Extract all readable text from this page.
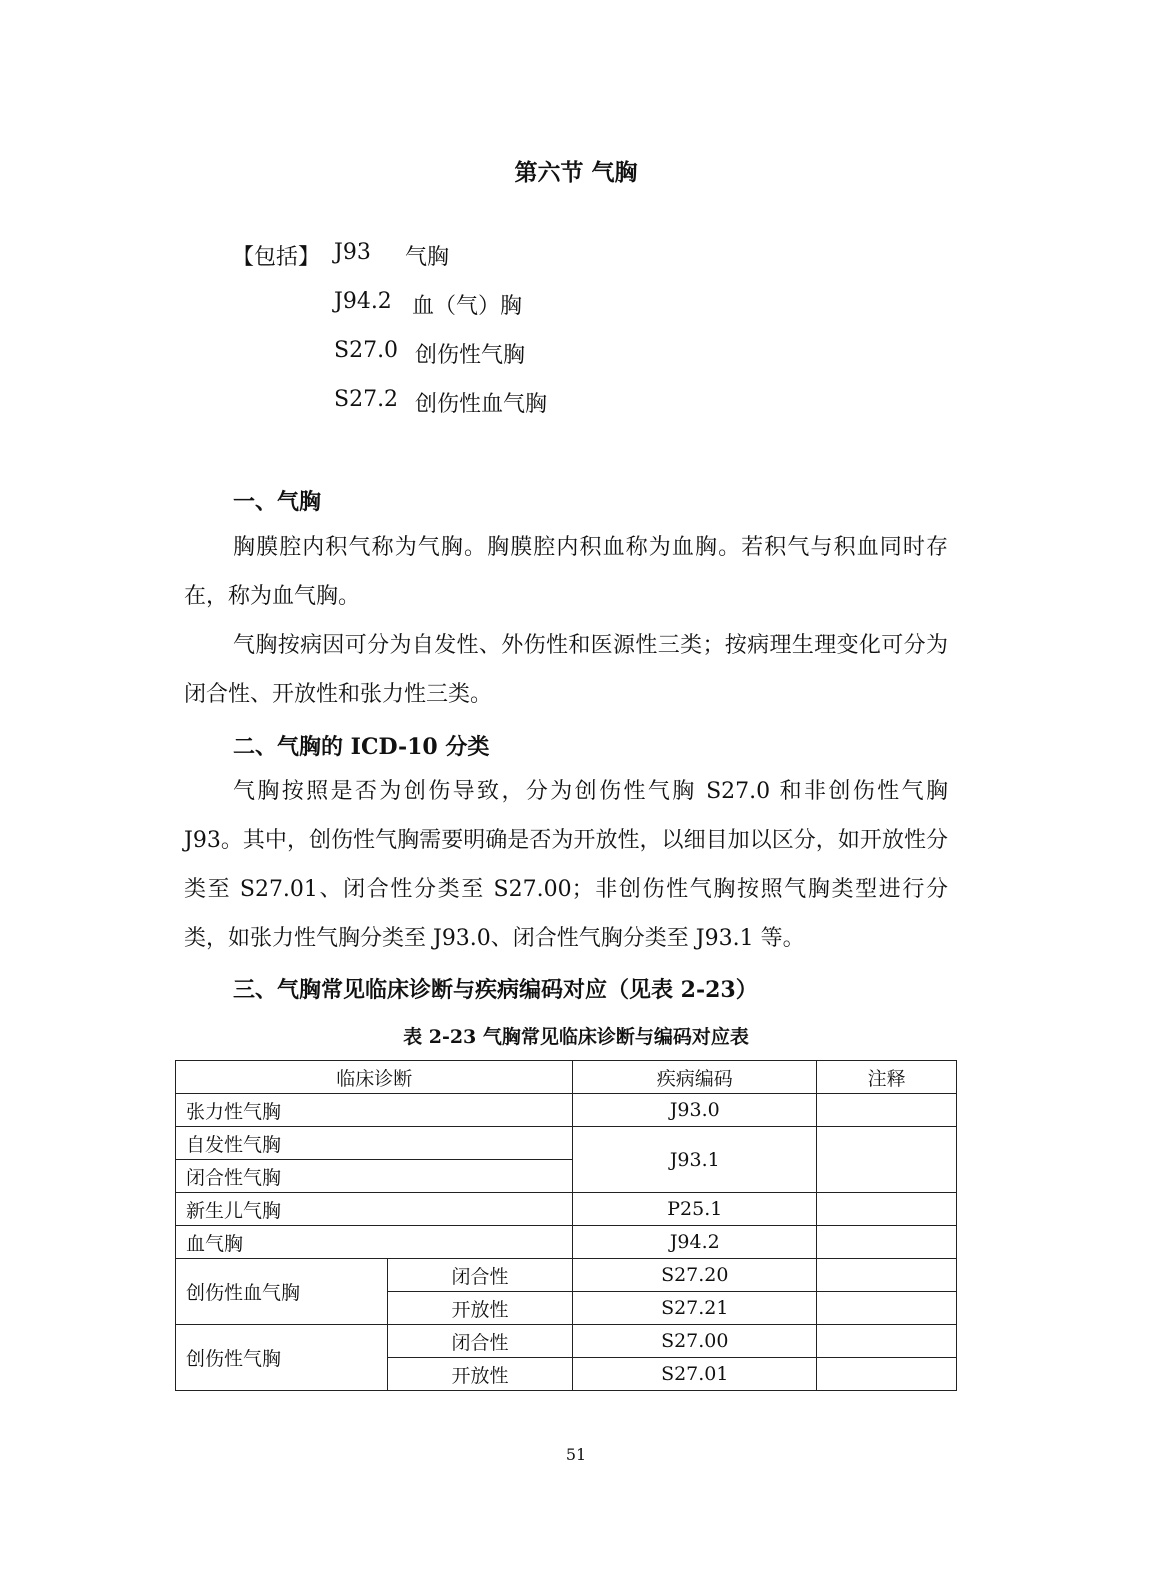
第六节 气胸
【包括】 J93 气胸
J94.2 血（气）胸
S27.0 创伤性气胸
S27.2 创伤性血气胸
一、气胸
胸膜腔内积气称为气胸。胸膜腔内积血称为血胸。若积气与积血同时存在，称为血气胸。
气胸按病因可分为自发性、外伤性和医源性三类；按病理生理变化可分为闭合性、开放性和张力性三类。
二、气胸的 ICD-10 分类
气胸按照是否为创伤导致，分为创伤性气胸 S27.0 和非创伤性气胸 J93。其中，创伤性气胸需要明确是否为开放性，以细目加以区分，如开放性分类至 S27.01、闭合性分类至 S27.00；非创伤性气胸按照气胸类型进行分类，如张力性气胸分类至 J93.0、闭合性气胸分类至 J93.1 等。
三、气胸常见临床诊断与疾病编码对应（见表 2-23）
表 2-23 气胸常见临床诊断与编码对应表
临床诊断		疾病编码	注释
张力性气胸		J93.0	
自发性气胸		J93.1	
闭合性气胸			
新生儿气胸		P25.1	
血气胸		J94.2	
创伤性血气胸	闭合性	S27.20	
	开放性	S27.21	
创伤性气胸	闭合性	S27.00	
	开放性	S27.01	
51
